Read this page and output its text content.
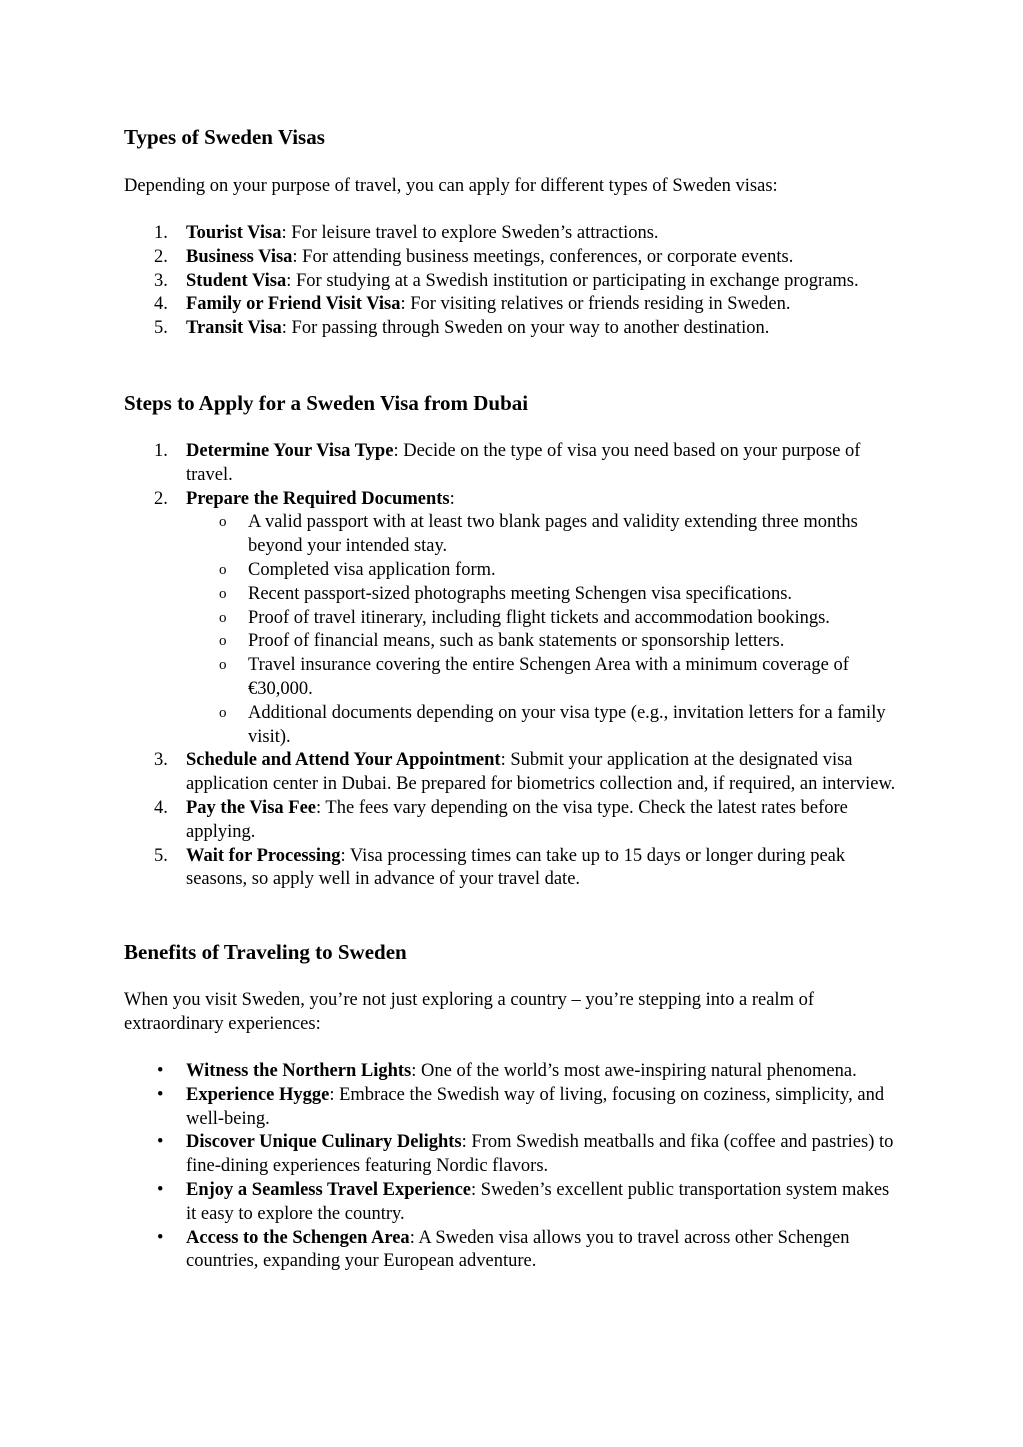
Types of Sweden Visas

Depending on your purpose of travel, you can apply for different types of Sweden visas:

1. Tourist Visa: For leisure travel to explore Sweden’s attractions.
2. Business Visa: For attending business meetings, conferences, or corporate events.
3. Student Visa: For studying at a Swedish institution or participating in exchange programs.
4. Family or Friend Visit Visa: For visiting relatives or friends residing in Sweden.
5. Transit Visa: For passing through Sweden on your way to another destination.
Steps to Apply for a Sweden Visa from Dubai
1. Determine Your Visa Type: Decide on the type of visa you need based on your purpose of travel.
2. Prepare the Required Documents:
o A valid passport with at least two blank pages and validity extending three months beyond your intended stay.
o Completed visa application form.
o Recent passport-sized photographs meeting Schengen visa specifications.
o Proof of travel itinerary, including flight tickets and accommodation bookings.
o Proof of financial means, such as bank statements or sponsorship letters.
o Travel insurance covering the entire Schengen Area with a minimum coverage of €30,000.
o Additional documents depending on your visa type (e.g., invitation letters for a family visit).
3. Schedule and Attend Your Appointment: Submit your application at the designated visa application center in Dubai. Be prepared for biometrics collection and, if required, an interview.
4. Pay the Visa Fee: The fees vary depending on the visa type. Check the latest rates before applying.
5. Wait for Processing: Visa processing times can take up to 15 days or longer during peak seasons, so apply well in advance of your travel date.
Benefits of Traveling to Sweden

When you visit Sweden, you’re not just exploring a country – you’re stepping into a realm of extraordinary experiences:

• Witness the Northern Lights: One of the world’s most awe-inspiring natural phenomena.
• Experience Hygge: Embrace the Swedish way of living, focusing on coziness, simplicity, and well-being.
• Discover Unique Culinary Delights: From Swedish meatballs and fika (coffee and pastries) to fine-dining experiences featuring Nordic flavors.
• Enjoy a Seamless Travel Experience: Sweden’s excellent public transportation system makes it easy to explore the country.
• Access to the Schengen Area: A Sweden visa allows you to travel across other Schengen countries, expanding your European adventure.
